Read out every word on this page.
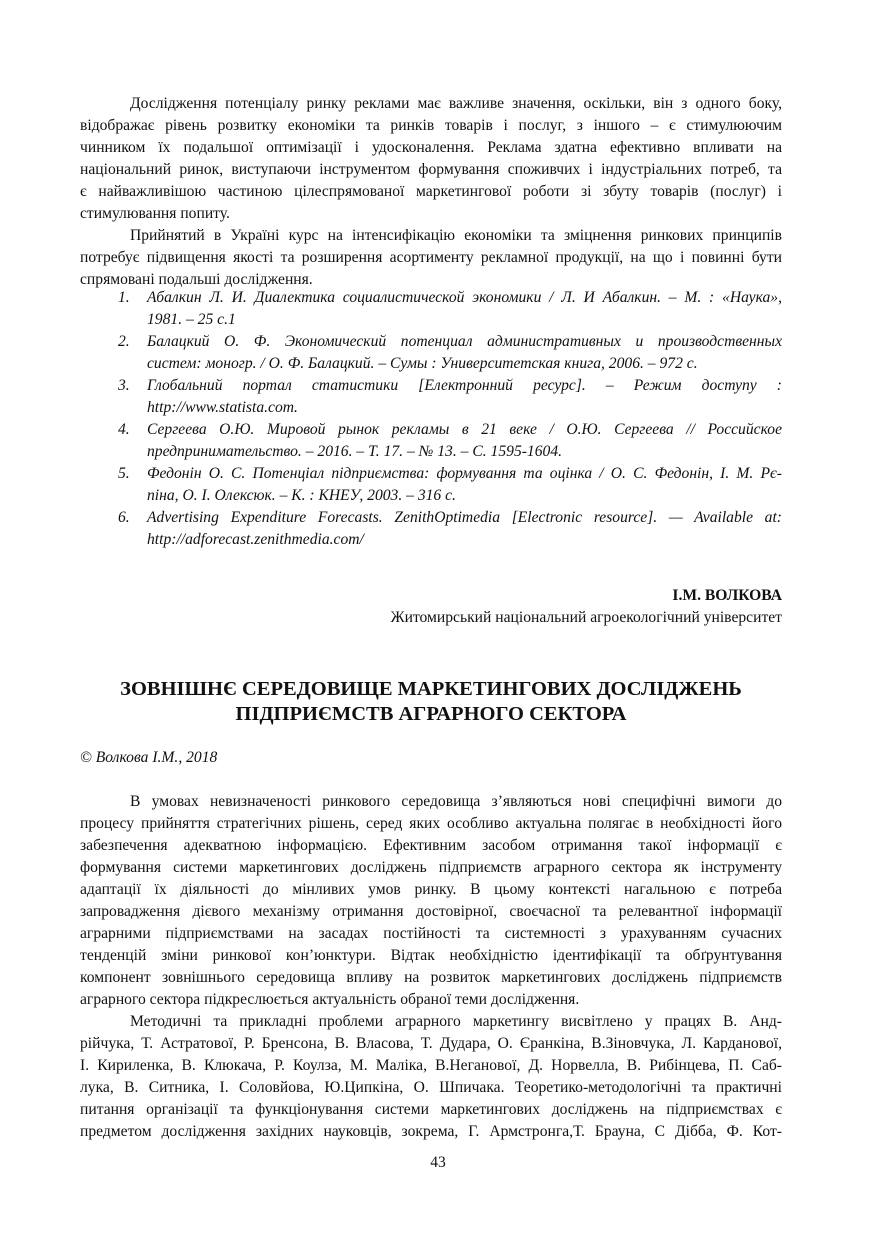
Дослідження потенціалу ринку реклами має важливе значення, оскільки, він з одного боку,
відображає рівень розвитку економіки та ринків товарів і послуг, з іншого – є стимулюючим
чинником їх подальшої оптимізації і удосконалення. Реклама здатна ефективно впливати на
національний ринок, виступаючи інструментом формування споживчих і індустріальних потреб, та
є найважливішою частиною цілеспрямованої маркетингової роботи зі збуту товарів (послуг) і
стимулювання попиту.
Прийнятий в Україні курс на інтенсифікацію економіки та зміцнення ринкових принципів
потребує підвищення якості та розширення асортименту рекламної продукції, на що і повинні бути
спрямовані подальші дослідження.
1. Абалкин Л. И. Диалектика социалистической экономики / Л. И Абалкин. – М. : «Наука»,
1981. – 25 с.1
2. Балацкий О. Ф. Экономический потенциал административных и производственных
систем: моногр. / О. Ф. Балацкий. – Сумы : Университетская книга, 2006. – 972 с.
3. Глобальний портал статистики [Електронний ресурс]. – Режим доступу :
http://www.statista.com.
4. Сергеева О.Ю. Мировой рынок рекламы в 21 веке / О.Ю. Сергеева // Российское
предпринимательство. – 2016. – Т. 17. – № 13. – С. 1595-1604.
5. Федонін О. С. Потенціал підприємства: формування та оцінка / О. С. Федонін, І. М. Рє-
піна, О. І. Олексюк. – К. : КНЕУ, 2003. – 316 с.
6. Advertising Expenditure Forecasts. ZenithOptimedia [Electronic resource]. — Available at:
http://adforecast.zenithmedia.com/
І.М. ВОЛКОВА
Житомирський національний агроекологічний університет
ЗОВНІШНЄ СЕРЕДОВИЩЕ МАРКЕТИНГОВИХ ДОСЛІДЖЕНЬ
ПІДПРИЄМСТВ АГРАРНОГО СЕКТОРА
© Волкова І.М., 2018
В умовах невизначеності ринкового середовища з’являються нові специфічні вимоги до
процесу прийняття стратегічних рішень, серед яких особливо актуальна полягає в необхідності його
забезпечення адекватною інформацією. Ефективним засобом отримання такої інформації є
формування системи маркетингових досліджень підприємств аграрного сектора як інструменту
адаптації їх діяльності до мінливих умов ринку. В цьому контексті нагальною є потреба
запровадження дієвого механізму отримання достовірної, своєчасної та релевантної інформації
аграрними підприємствами на засадах постійності та системності з урахуванням сучасних
тенденцій зміни ринкової кон’юнктури. Відтак необхідністю ідентифікації та обґрунтування
компонент зовнішнього середовища впливу на розвиток маркетингових досліджень підприємств
аграрного сектора підкреслюється актуальність обраної теми дослідження.
Методичні та прикладні проблеми аграрного маркетингу висвітлено у працях В. Анд-
рійчука, Т. Астратової, Р. Бренсона, В. Власова, Т. Дудара, О. Єранкіна, В.Зіновчука, Л. Карданової,
І. Кириленка, В. Клюкача, Р. Коулза, М. Маліка, В.Неганової, Д. Норвелла, В. Рибінцева, П. Саб-
лука, В. Ситника, І. Соловйова, Ю.Ципкіна, О. Шпичака. Теоретико-методологічні та практичні
питання організації та функціонування системи маркетингових досліджень на підприємствах є
предметом дослідження західних науковців, зокрема, Г. Армстронга,Т. Брауна, С Дібба, Ф. Кот-
43
